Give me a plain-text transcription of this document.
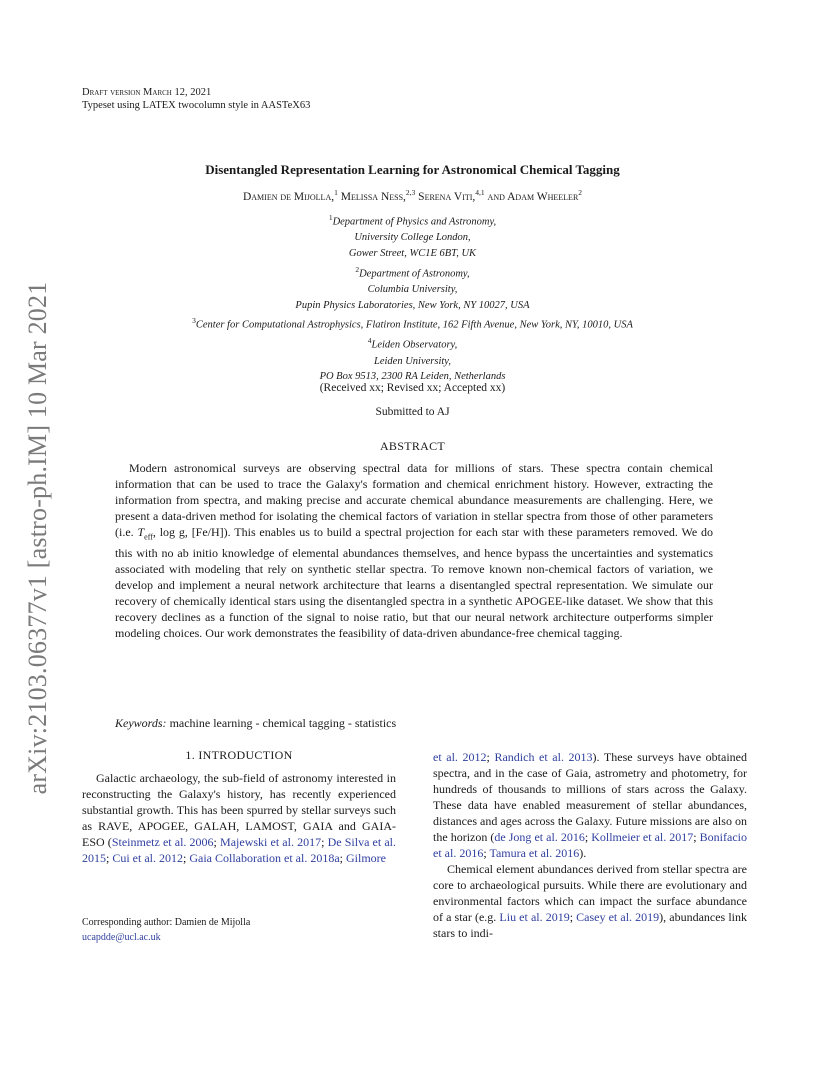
Draft version March 12, 2021
Typeset using LATEX twocolumn style in AASTeX63
arXiv:2103.06377v1 [astro-ph.IM] 10 Mar 2021
Disentangled Representation Learning for Astronomical Chemical Tagging
Damien de Mijolla,$^1$ Melissa Ness,$^{2,3}$ Serena Viti,$^{4,1}$ and Adam Wheeler$^2$
$^1$Department of Physics and Astronomy,
University College London,
Gower Street, WC1E 6BT, UK
$^2$Department of Astronomy,
Columbia University,
Pupin Physics Laboratories, New York, NY 10027, USA
$^3$Center for Computational Astrophysics, Flatiron Institute, 162 Fifth Avenue, New York, NY, 10010, USA
$^4$Leiden Observatory,
Leiden University,
PO Box 9513, 2300 RA Leiden, Netherlands
(Received xx; Revised xx; Accepted xx)
Submitted to AJ
ABSTRACT

Modern astronomical surveys are observing spectral data for millions of stars. These spectra contain chemical information that can be used to trace the Galaxy's formation and chemical enrichment history. However, extracting the information from spectra, and making precise and accurate chemical abundance measurements are challenging. Here, we present a data-driven method for isolating the chemical factors of variation in stellar spectra from those of other parameters (i.e. $T_{eff}$, log g, [Fe/H]). This enables us to build a spectral projection for each star with these parameters removed. We do this with no ab initio knowledge of elemental abundances themselves, and hence bypass the uncertainties and systematics associated with modeling that rely on synthetic stellar spectra. To remove known non-chemical factors of variation, we develop and implement a neural network architecture that learns a disentangled spectral representation. We simulate our recovery of chemically identical stars using the disentangled spectra in a synthetic APOGEE-like dataset. We show that this recovery declines as a function of the signal to noise ratio, but that our neural network architecture outperforms simpler modeling choices. Our work demonstrates the feasibility of data-driven abundance-free chemical tagging.

Keywords: machine learning - chemical tagging - statistics
1. INTRODUCTION

Galactic archaeology, the sub-field of astronomy interested in reconstructing the Galaxy's history, has recently experienced substantial growth. This has been spurred by stellar surveys such as RAVE, APOGEE, GALAH, LAMOST, GAIA and GAIA-ESO (Steinmetz et al. 2006; Majewski et al. 2017; De Silva et al. 2015; Cui et al. 2012; Gaia Collaboration et al. 2018a; Gilmore

et al. 2012; Randich et al. 2013). These surveys have obtained spectra, and in the case of Gaia, astrometry and photometry, for hundreds of thousands to millions of stars across the Galaxy. These data have enabled measurement of stellar abundances, distances and ages across the Galaxy. Future missions are also on the horizon (de Jong et al. 2016; Kollmeier et al. 2017; Bonifacio et al. 2016; Tamura et al. 2016).

Chemical element abundances derived from stellar spectra are core to archaeological pursuits. While there are evolutionary and environmental factors which can impact the surface abundance of a star (e.g. Liu et al. 2019; Casey et al. 2019), abundances link stars to indi-

Corresponding author: Damien de Mijolla
ucapdde@ucl.ac.uk
